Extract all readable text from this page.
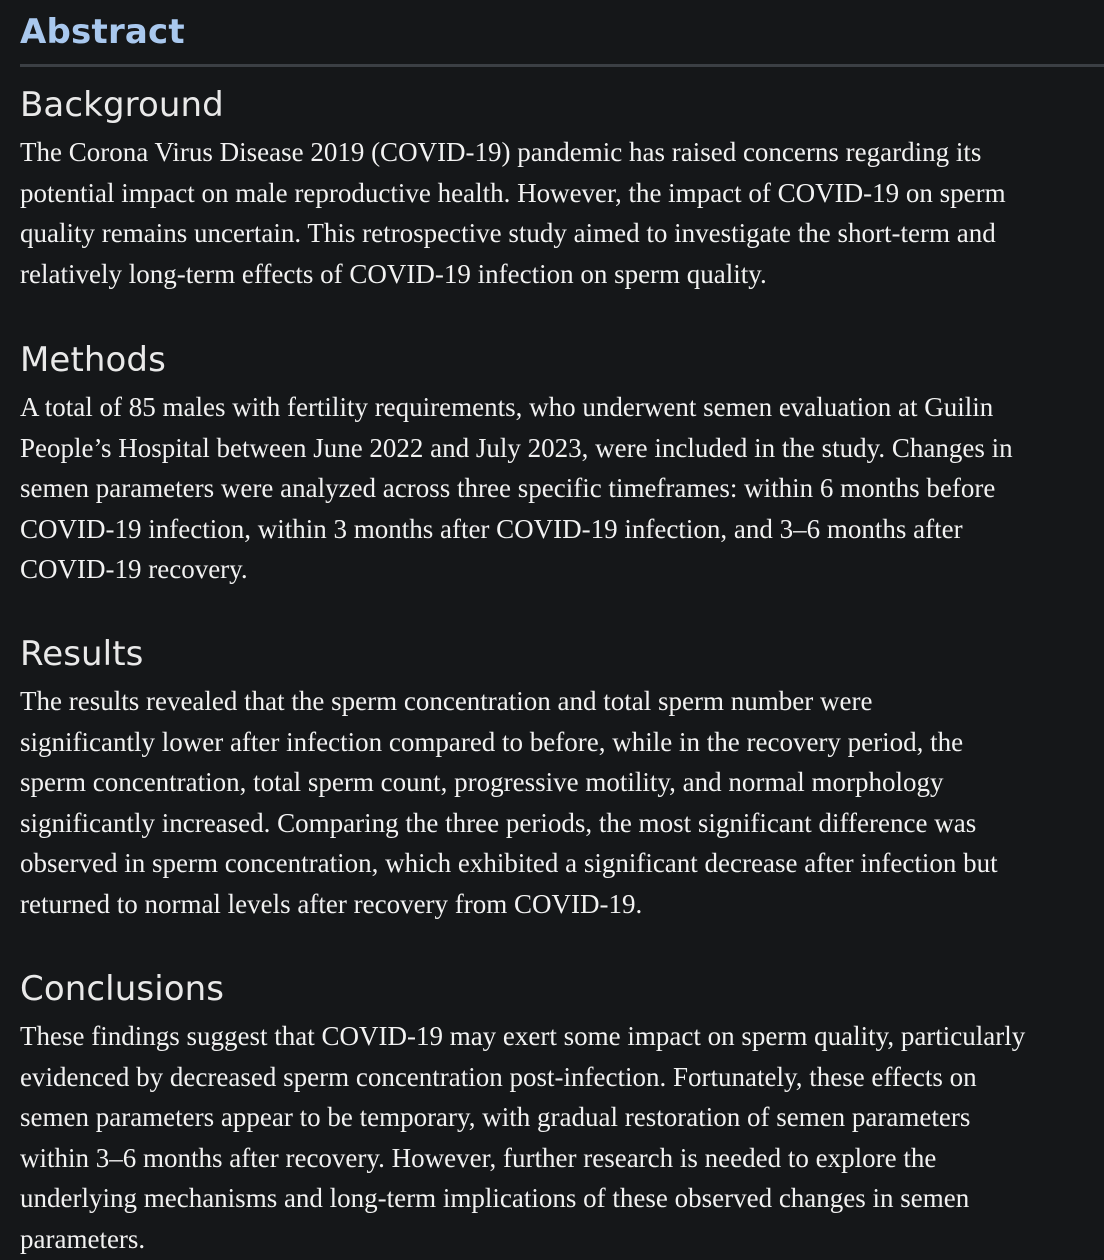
Abstract
Background

The Corona Virus Disease 2019 (COVID-19) pandemic has raised concerns regarding its
potential impact on male reproductive health. However, the impact of COVID-19 on sperm
quality remains uncertain. This retrospective study aimed to investigate the short-term and
relatively long-term effects of COVID-19 infection on sperm quality.

Methods

A total of 85 males with fertility requirements, who underwent semen evaluation at Guilin
People’s Hospital between June 2022 and July 2023, were included in the study. Changes in
semen parameters were analyzed across three specific timeframes: within 6 months before
COVID-19 infection, within 3 months after COVID-19 infection, and 3–6 months after
COVID-19 recovery.

Results

The results revealed that the sperm concentration and total sperm number were
significantly lower after infection compared to before, while in the recovery period, the
sperm concentration, total sperm count, progressive motility, and normal morphology
significantly increased. Comparing the three periods, the most significant difference was
observed in sperm concentration, which exhibited a significant decrease after infection but
returned to normal levels after recovery from COVID-19.

Conclusions

These findings suggest that COVID-19 may exert some impact on sperm quality, particularly
evidenced by decreased sperm concentration post-infection. Fortunately, these effects on
semen parameters appear to be temporary, with gradual restoration of semen parameters
within 3–6 months after recovery. However, further research is needed to explore the
underlying mechanisms and long-term implications of these observed changes in semen
parameters.
